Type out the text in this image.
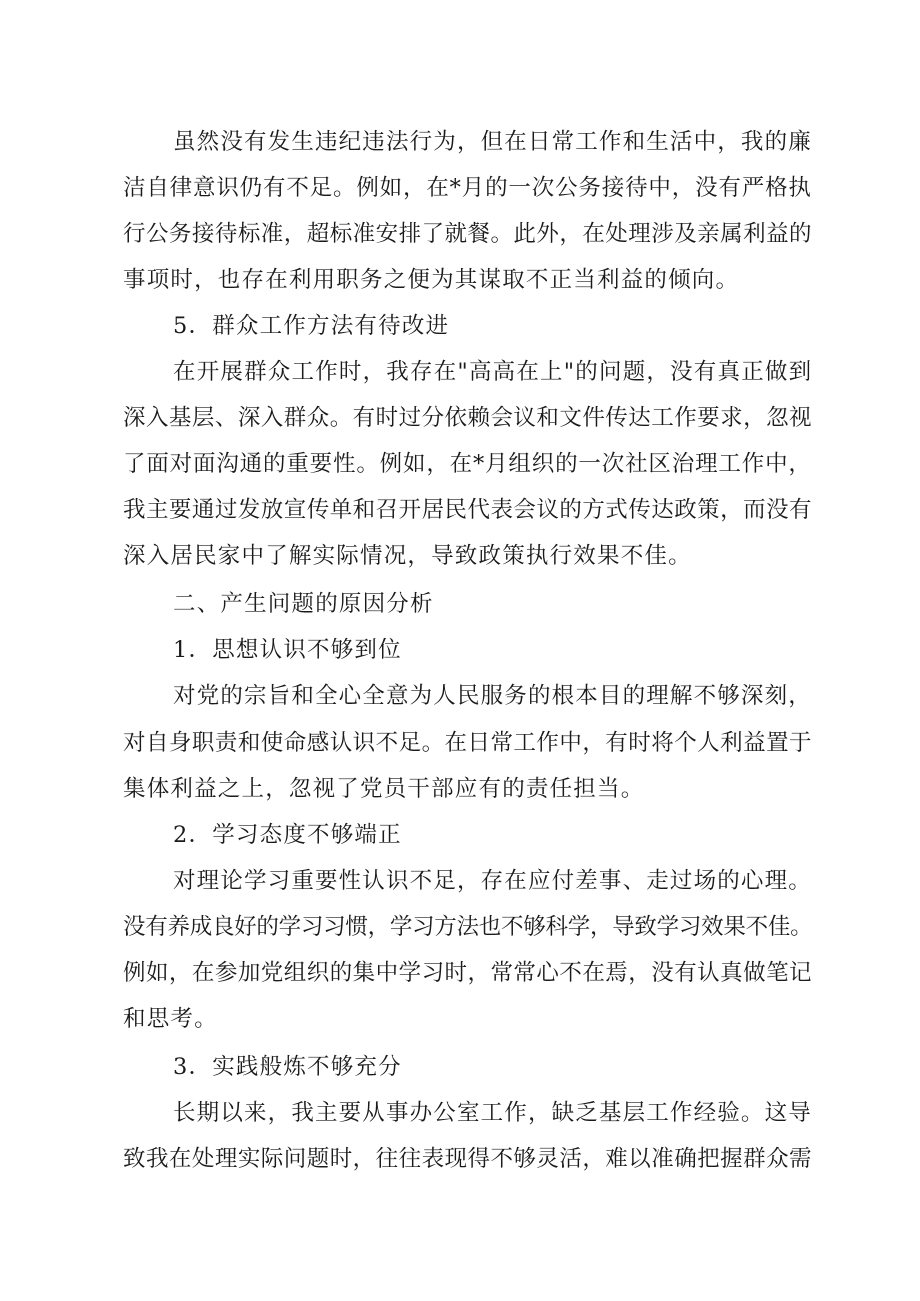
虽然没有发生违纪违法行为，但在日常工作和生活中，我的廉
洁自律意识仍有不足。例如，在*月的一次公务接待中，没有严格执
行公务接待标准，超标准安排了就餐。此外，在处理涉及亲属利益的
事项时，也存在利用职务之便为其谋取不正当利益的倾向。
5．群众工作方法有待改进
在开展群众工作时，我存在"高高在上"的问题，没有真正做到
深入基层、深入群众。有时过分依赖会议和文件传达工作要求，忽视
了面对面沟通的重要性。例如，在*月组织的一次社区治理工作中，
我主要通过发放宣传单和召开居民代表会议的方式传达政策，而没有
深入居民家中了解实际情况，导致政策执行效果不佳。
二、产生问题的原因分析
1．思想认识不够到位
对党的宗旨和全心全意为人民服务的根本目的理解不够深刻，
对自身职责和使命感认识不足。在日常工作中，有时将个人利益置于
集体利益之上，忽视了党员干部应有的责任担当。
2．学习态度不够端正
对理论学习重要性认识不足，存在应付差事、走过场的心理。
没有养成良好的学习习惯，学习方法也不够科学，导致学习效果不佳。
例如，在参加党组织的集中学习时，常常心不在焉，没有认真做笔记
和思考。
3．实践般炼不够充分
长期以来，我主要从事办公室工作，缺乏基层工作经验。这导
致我在处理实际问题时，往往表现得不够灵活，难以准确把握群众需
